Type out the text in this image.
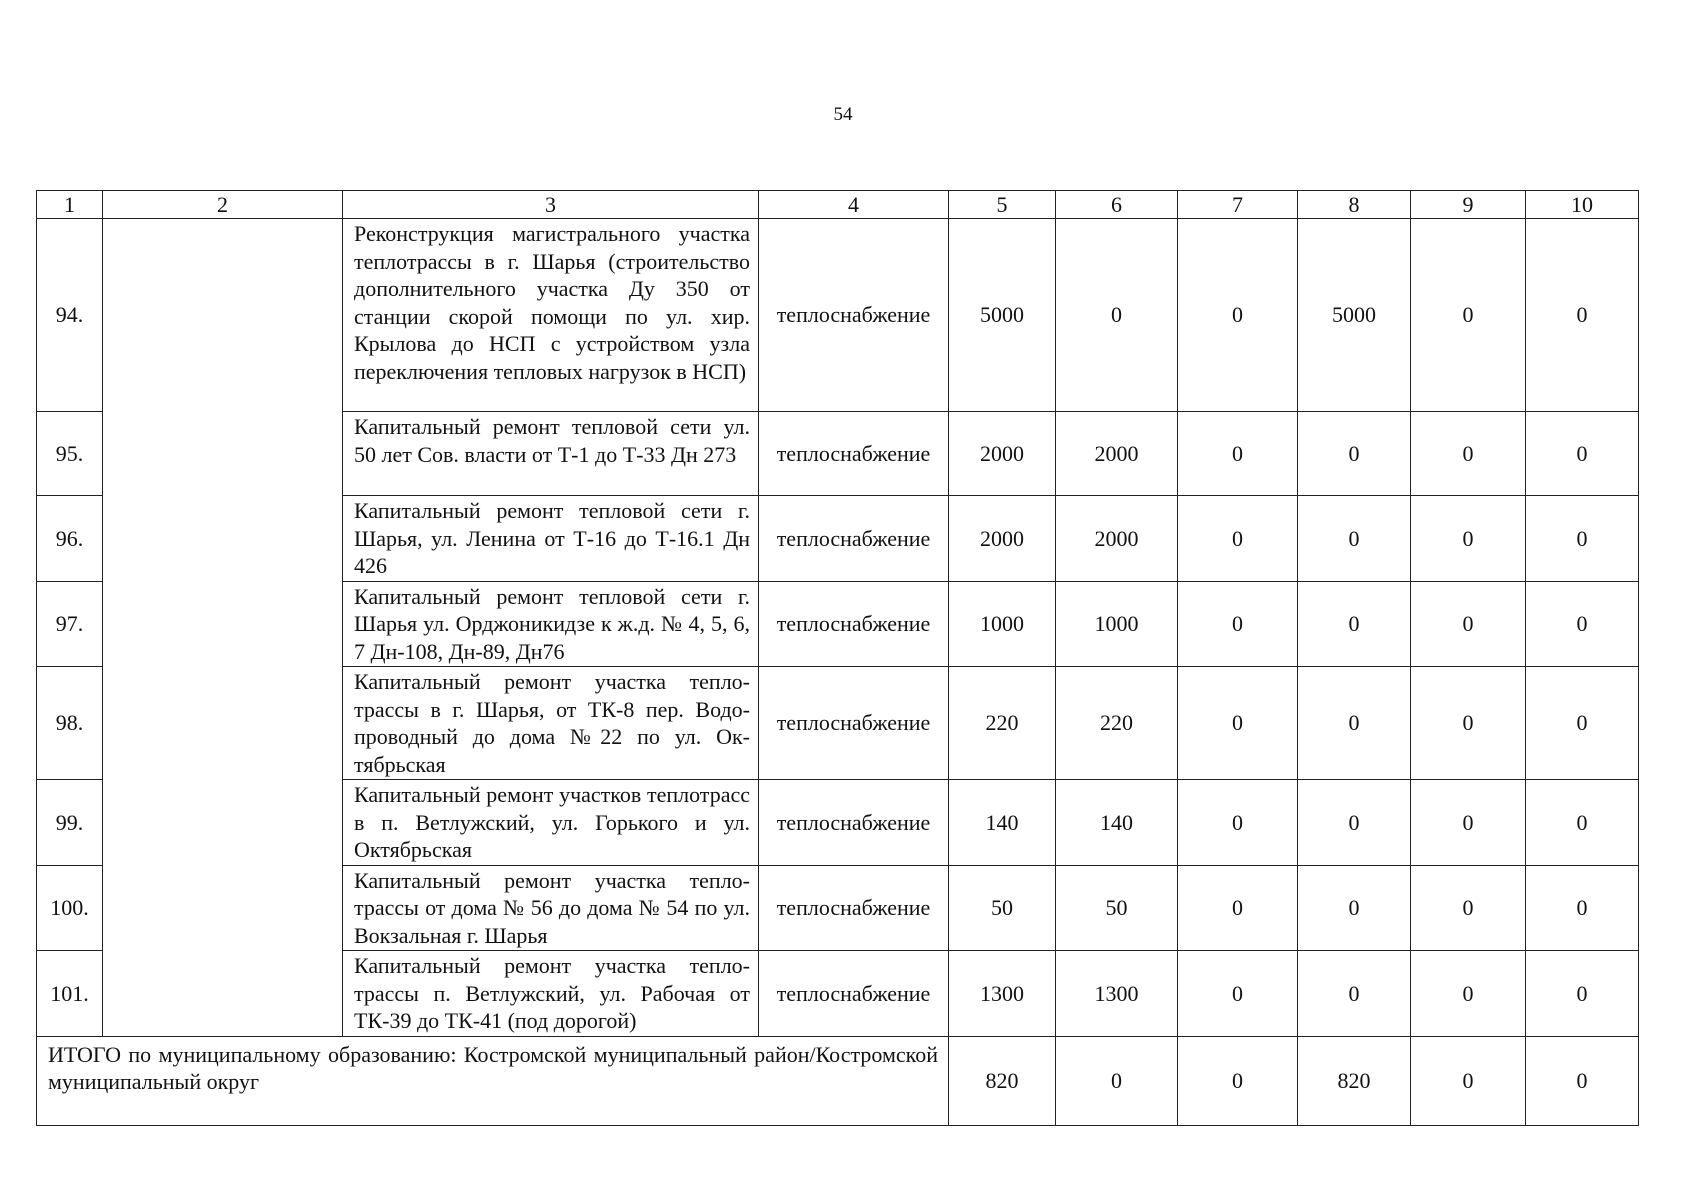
54
1	2	3	4	5	6	7	8	9	10
94.		Реконструкция магистрального участка теплотрассы в г. Шарья (строительство дополнительного участка Ду 350 от станции скорой помощи по ул. хир. Крылова до НСП с устройством узла переключения тепловых нагрузок в НСП)	теплоснабжение	5000	0	0	5000	0	0
95.		Капитальный ремонт тепловой сети ул. 50 лет Сов. власти от Т-1 до Т-33 Дн 273	теплоснабжение	2000	2000	0	0	0	0
96.		Капитальный ремонт тепловой сети г. Шарья, ул. Ленина от Т-16 до Т-16.1 Дн 426	теплоснабжение	2000	2000	0	0	0	0
97.		Капитальный ремонт тепловой сети г. Шарья ул. Орджоникидзе к ж.д. № 4, 5, 6, 7 Дн-108, Дн-89, Дн76	теплоснабжение	1000	1000	0	0	0	0
98.		Капитальный ремонт участка теплотрассы в г. Шарья, от ТК-8 пер. Водопроводный до дома №22 по ул. Октябрьская	теплоснабжение	220	220	0	0	0	0
99.		Капитальный ремонт участков теплотрасс в п. Ветлужский, ул. Горького и ул. Октябрьская	теплоснабжение	140	140	0	0	0	0
100.		Капитальный ремонт участка теплотрассы от дома № 56 до дома № 54 по ул. Вокзальная г. Шарья	теплоснабжение	50	50	0	0	0	0
101.		Капитальный ремонт участка теплотрассы п. Ветлужский, ул. Рабочая от ТК-39 до ТК-41 (под дорогой)	теплоснабжение	1300	1300	0	0	0	0
ИТОГО по муниципальному образованию: Костромской муниципальный район/Костромской муниципальный округ				820	0	0	820	0	0
